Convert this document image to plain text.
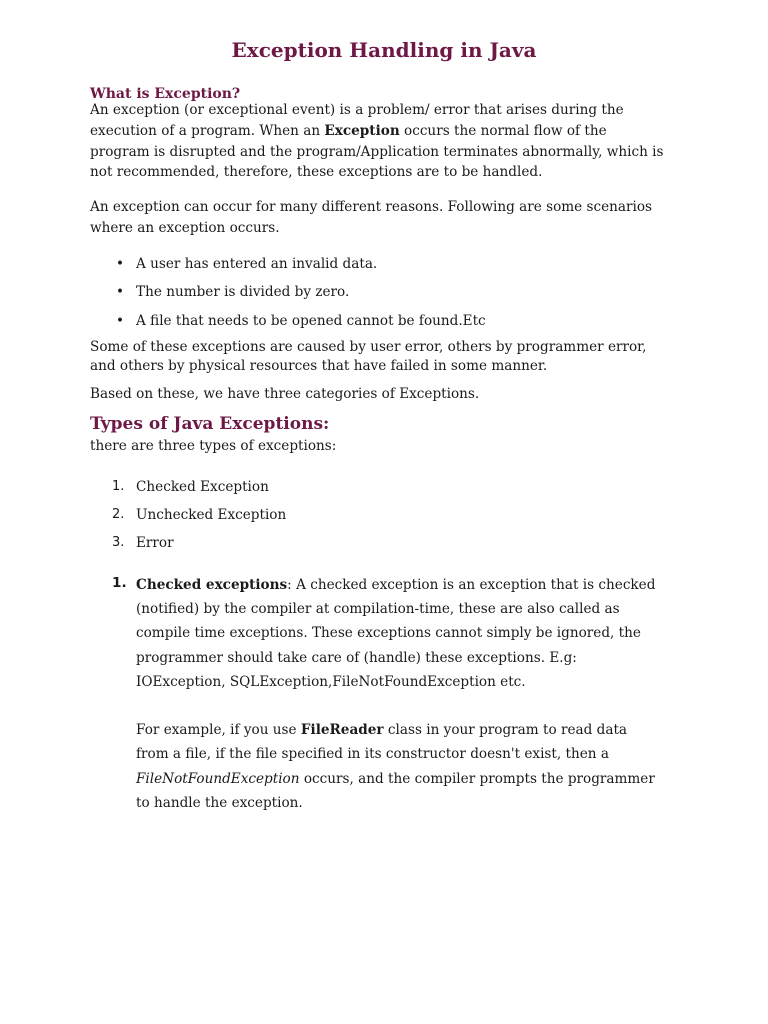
Exception Handling in Java
What is Exception?
An exception (or exceptional event) is a problem/ error that arises during the execution of a program. When an Exception occurs the normal flow of the program is disrupted and the program/Application terminates abnormally, which is not recommended, therefore, these exceptions are to be handled.
An exception can occur for many different reasons. Following are some scenarios where an exception occurs.
• A user has entered an invalid data.
• The number is divided by zero.
• A file that needs to be opened cannot be found.Etc
Some of these exceptions are caused by user error, others by programmer error, and others by physical resources that have failed in some manner.
Based on these, we have three categories of Exceptions.
Types of Java Exceptions:
there are three types of exceptions:
1. Checked Exception
2. Unchecked Exception
3. Error
1. Checked exceptions: A checked exception is an exception that is checked (notified) by the compiler at compilation-time, these are also called as compile time exceptions. These exceptions cannot simply be ignored, the programmer should take care of (handle) these exceptions. E.g: IOException, SQLException,FileNotFoundException etc.

For example, if you use FileReader class in your program to read data from a file, if the file specified in its constructor doesn't exist, then a FileNotFoundException occurs, and the compiler prompts the programmer to handle the exception.
